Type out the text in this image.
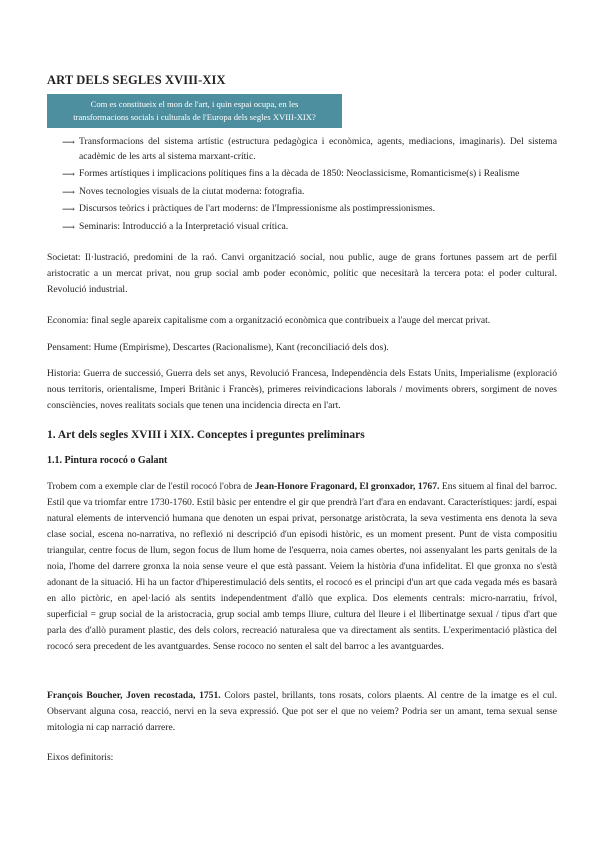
ART DELS SEGLES XVIII-XIX
Com es constitueix el mon de l'art, i quin espai ocupa, en les
transformacions socials i culturals de l'Europa dels segles XVIII-XIX?
⟶ Transformacions del sistema artístic (estructura pedagògica i econòmica, agents, mediacions, imaginaris). Del sistema acadèmic de les arts al sistema marxant-crític.
⟶ Formes artístiques i implicacions polítiques fins a la dècada de 1850: Neoclassicisme, Romanticisme(s) i Realisme
⟶ Noves tecnologies visuals de la ciutat moderna: fotografia.
⟶ Discursos teòrics i pràctiques de l'art moderns: de l'Impressionisme als postimpressionismes.
⟶ Seminaris: Introducció a la Interpretació visual crítica.

Societat: Il·lustració, predomini de la raó. Canvi organització social, nou public, auge de grans fortunes passem art de perfil aristocratic a un mercat privat, nou grup social amb poder econòmic, polític que necesitarà la tercera pota: el poder cultural. Revolució industrial.

Economia: final segle apareix capitalisme com a organització econòmica que contribueix a l'auge del mercat privat.

Pensament: Hume (Empirisme), Descartes (Racionalisme), Kant (reconciliació dels dos).

Historia: Guerra de successió, Guerra dels set anys, Revolució Francesa, Independència dels Estats Units, Imperialisme (exploració nous territoris, orientalisme, Imperi Britànic i Francès), primeres reivindicacions laborals / moviments obrers, sorgiment de noves consciències, noves realitats socials que tenen una incidencia directa en l'art.

1. Art dels segles XVIII i XIX. Conceptes i preguntes preliminars
1.1. Pintura rococó o Galant

Trobem com a exemple clar de l'estil rococó l'obra de Jean-Honore Fragonard, El gronxador, 1767. Ens situem al final del barroc. Estil que va triomfar entre 1730-1760. Estil bàsic per entendre el gir que prendrà l'art d'ara en endavant. Característiques: jardí, espai natural elements de intervenció humana que denoten un espai privat, personatge aristòcrata, la seva vestimenta ens denota la seva clase social, escena no-narrativa, no reflexió ni descripció d'un episodi històric, es un moment present. Punt de vista compositiu triangular, centre focus de llum, segon focus de llum home de l'esquerra, noia cames obertes, noi assenyalant les parts genitals de la noia, l'home del darrere gronxa la noia sense veure el que està passant. Veiem la història d'una infidelitat. El que gronxa no s'està adonant de la situació. Hi ha un factor d'hiperestimulació dels sentits, el rococó es el principi d'un art que cada vegada més es basarà en allo pictòric, en apel·lació als sentits independentment d'allò que explica. Dos elements centrals: micro-narratiu, frívol, superficial = grup social de la aristocracia, grup social amb temps lliure, cultura del lleure i el llibertinatge sexual / tipus d'art que parla des d'allò purament plastic, des dels colors, recreació naturalesa que va directament als sentits. L'experimentació plàstica del rococó sera precedent de les avantguardes. Sense rococo no senten el salt del barroc a les avantguardes.

François Boucher, Joven recostada, 1751. Colors pastel, brillants, tons rosats, colors plaents. Al centre de la imatge es el cul. Observant alguna cosa, reacció, nervi en la seva expressió. Que pot ser el que no veiem? Podria ser un amant, tema sexual sense mitologia ni cap narració darrere.

Eixos definitoris:
